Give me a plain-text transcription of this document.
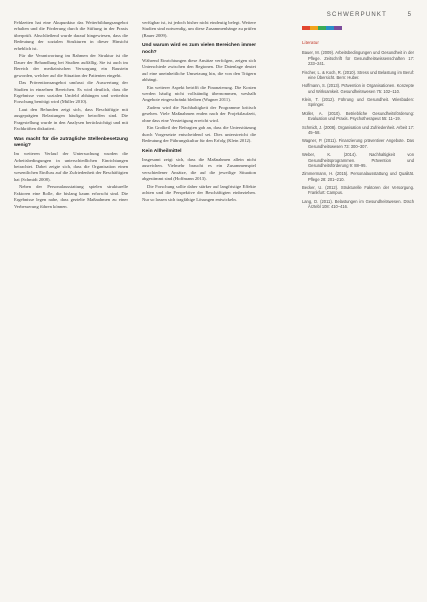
SCHWERPUNKT	5

Fehlzeiten hat eine Akupunktur das Weiterbildungsangebot erhalten und die Förderung durch die Stiftung in der Praxis überprüft. Abschließend wurde darauf hingewiesen, dass die Bedeutung der sozialen Strukturen in dieser Hinsicht erheblich ist.

Für die Verantwortung im Rahmen der Struktur ist die Dauer der Behandlung bei Studien auffällig. Sie ist auch im Bereich der medizinischen Versorgung ein Baustein geworden, welcher auf die Situation der Patienten eingeht.

Das Präventionsangebot umfasst die Auswertung der Studien in einzelnen Bereichen. Es wird deutlich, dass die Ergebnisse vom sozialen Umfeld abhängen und weiterhin Forschung benötigt wird (Müller 2010).

Laut den Befunden zeigt sich, dass Beschäftigte mit ausgeprägten Belastungen häufiger betroffen sind. Die Fragestellung wurde in den Analysen berücksichtigt und mit Fachkräften diskutiert.

Was macht für die zuträgliche Stellenbesetzung wenig?

Im weiteren Verlauf der Untersuchung wurden die Arbeitsbedingungen in unterschiedlichen Einrichtungen betrachtet. Dabei zeigte sich, dass die Organisation einen wesentlichen Einfluss auf die Zufriedenheit der Beschäftigten hat (Schmidt 2008).

Neben der Personalausstattung spielen strukturelle Faktoren eine Rolle, die bislang kaum erforscht sind. Die Ergebnisse legen nahe, dass gezielte Maßnahmen zu einer Verbesserung führen können.

verfügbar ist, ist jedoch bisher nicht eindeutig belegt. Weitere Studien sind notwendig, um diese Zusammenhänge zu prüfen (Bauer 2009).

Und warum wird es zum vielen Bereichen immer noch?

Während Einrichtungen diese Ansätze verfolgen, zeigen sich Unterschiede zwischen den Regionen. Die Datenlage deutet auf eine uneinheitliche Umsetzung hin, die von den Trägern abhängt.

Ein weiterer Aspekt betrifft die Finanzierung. Die Kosten werden häufig nicht vollständig übernommen, weshalb Angebote eingeschränkt bleiben (Wagner 2011).

Zudem wird die Nachhaltigkeit der Programme kritisch gesehen. Viele Maßnahmen enden nach der Projektlaufzeit, ohne dass eine Verstetigung erreicht wird.

Ein Großteil der Befragten gab an, dass die Unterstützung durch Vorgesetzte entscheidend sei. Dies unterstreicht die Bedeutung der Führungskultur für den Erfolg (Klein 2012).

Kein Allheilmittel

Insgesamt zeigt sich, dass die Maßnahmen allein nicht ausreichen. Vielmehr braucht es ein Zusammenspiel verschiedener Ansätze, die auf die jeweilige Situation abgestimmt sind (Hoffmann 2013).

Die Forschung sollte daher stärker auf langfristige Effekte achten und die Perspektive der Beschäftigten einbeziehen. Nur so lassen sich tragfähige Lösungen entwickeln.

Literatur

Bauer, M. (2009). Arbeitsbedingungen und Gesundheit in der Pflege. Zeitschrift für Gesundheitswissenschaften 17: 233–241.

Fischer, L. & Koch, R. (2010). Stress und Belastung im Beruf: eine Übersicht. Bern: Huber.

Hoffmann, S. (2013). Prävention in Organisationen. Konzepte und Wirksamkeit. Gesundheitswesen 75: 102–110.

Klein, T. (2012). Führung und Gesundheit. Wiesbaden: Springer.

Müller, A. (2010). Betriebliche Gesundheitsförderung: Evaluation und Praxis. Psychotherapeut 55: 11–19.

Schmidt, J. (2008). Organisation und Zufriedenheit. Arbeit 17: 45–58.

Wagner, P. (2011). Finanzierung präventiver Angebote. Das Gesundheitswesen 73: 300–307.

Weber, K. (2014). Nachhaltigkeit von Gesundheitsprogrammen. Prävention und Gesundheitsförderung 9: 88–95.

Zimmermann, H. (2015). Personalausstattung und Qualität. Pflege 28: 201–210.

Becker, U. (2012). Strukturelle Faktoren der Versorgung. Frankfurt: Campus.

Lang, D. (2011). Belastungen im Gesundheitswesen. Dtsch Ärztebl 108: 410–416.
